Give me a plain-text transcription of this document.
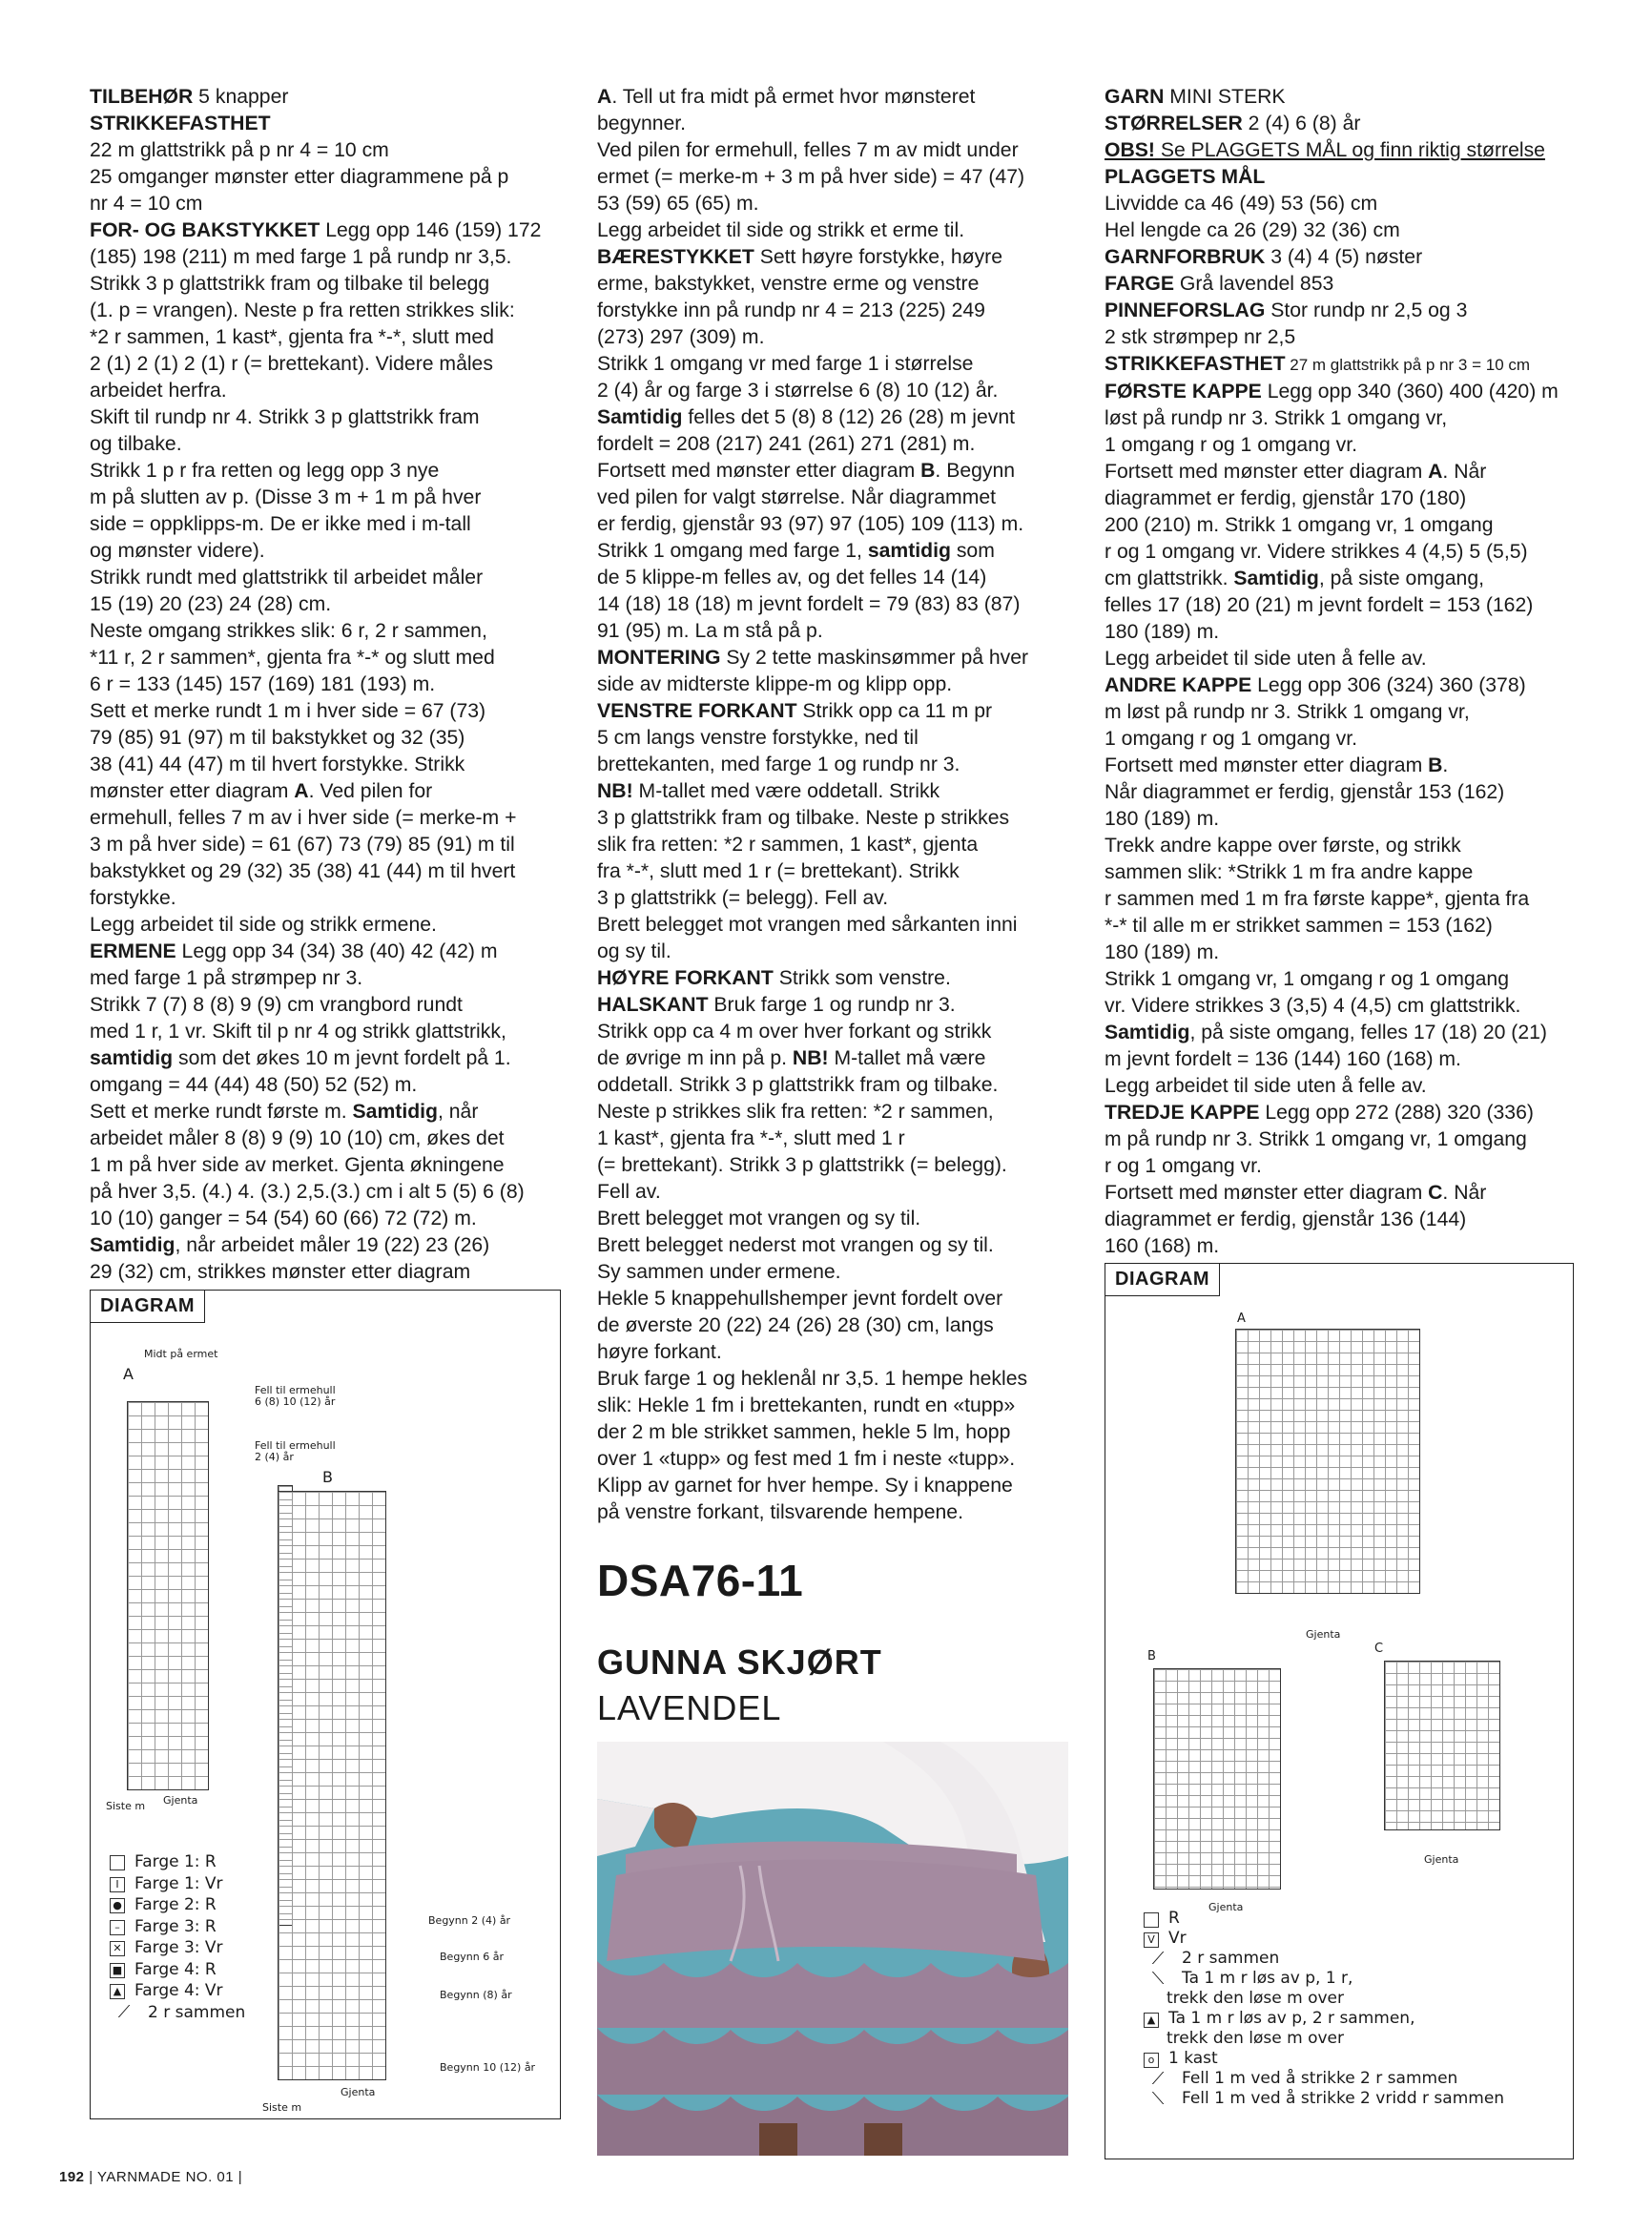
TILBEHØR 5 knapper

STRIKKEFASTHET

22 m glattstrikk på p nr 4 = 10 cm

25 omganger mønster etter diagrammene på p

nr 4 = 10 cm

FOR- OG BAKSTYKKET Legg opp 146 (159) 172

(185) 198 (211) m med farge 1 på rundp nr 3,5.

Strikk 3 p glattstrikk fram og tilbake til belegg

(1. p = vrangen). Neste p fra retten strikkes slik:

*2 r sammen, 1 kast*, gjenta fra *-*, slutt med

2 (1) 2 (1) 2 (1) r (= brettekant). Videre måles

arbeidet herfra.

Skift til rundp nr 4. Strikk 3 p glattstrikk fram

og tilbake.

Strikk 1 p r fra retten og legg opp 3 nye

m på slutten av p. (Disse 3 m + 1 m på hver

side = oppklipps-m. De er ikke med i m-tall

og mønster videre).

Strikk rundt med glattstrikk til arbeidet måler

15 (19) 20 (23) 24 (28) cm.

Neste omgang strikkes slik: 6 r, 2 r sammen,

*11 r, 2 r sammen*, gjenta fra *-* og slutt med

6 r = 133 (145) 157 (169) 181 (193) m.

Sett et merke rundt 1 m i hver side = 67 (73)

79 (85) 91 (97) m til bakstykket og 32 (35)

38 (41) 44 (47) m til hvert forstykke. Strikk

mønster etter diagram A. Ved pilen for

ermehull, felles 7 m av i hver side (= merke-m +

3 m på hver side) = 61 (67) 73 (79) 85 (91) m til

bakstykket og 29 (32) 35 (38) 41 (44) m til hvert

forstykke.

Legg arbeidet til side og strikk ermene.

ERMENE Legg opp 34 (34) 38 (40) 42 (42) m

med farge 1 på strømpep nr 3.

Strikk 7 (7) 8 (8) 9 (9) cm vrangbord rundt

med 1 r, 1 vr. Skift til p nr 4 og strikk glattstrikk,

samtidig som det økes 10 m jevnt fordelt på 1.

omgang = 44 (44) 48 (50) 52 (52) m.

Sett et merke rundt første m. Samtidig, når

arbeidet måler 8 (8) 9 (9) 10 (10) cm, økes det

1 m på hver side av merket. Gjenta økningene

på hver 3,5. (4.) 4. (3.) 2,5.(3.) cm i alt 5 (5) 6 (8)

10 (10) ganger = 54 (54) 60 (66) 72 (72) m.

Samtidig, når arbeidet måler 19 (22) 23 (26)

29 (32) cm, strikkes mønster etter diagram

A. Tell ut fra midt på ermet hvor mønsteret

begynner.

Ved pilen for ermehull, felles 7 m av midt under

ermet (= merke-m + 3 m på hver side) = 47 (47)

53 (59) 65 (65) m.

Legg arbeidet til side og strikk et erme til.

BÆRESTYKKET Sett høyre forstykke, høyre

erme, bakstykket, venstre erme og venstre

forstykke inn på rundp nr 4 = 213 (225) 249

(273) 297 (309) m.

Strikk 1 omgang vr med farge 1 i størrelse

2 (4) år og farge 3 i størrelse 6 (8) 10 (12) år.

Samtidig felles det 5 (8) 8 (12) 26 (28) m jevnt

fordelt = 208 (217) 241 (261) 271 (281) m.

Fortsett med mønster etter diagram B. Begynn

ved pilen for valgt størrelse. Når diagrammet

er ferdig, gjenstår 93 (97) 97 (105) 109 (113) m.

Strikk 1 omgang med farge 1, samtidig som

de 5 klippe-m felles av, og det felles 14 (14)

14 (18) 18 (18) m jevnt fordelt = 79 (83) 83 (87)

91 (95) m. La m stå på p.

MONTERING Sy 2 tette maskinsømmer på hver

side av midterste klippe-m og klipp opp.

VENSTRE FORKANT Strikk opp ca 11 m pr

5 cm langs venstre forstykke, ned til

brettekanten, med farge 1 og rundp nr 3.

NB! M-tallet med være oddetall. Strikk

3 p glattstrikk fram og tilbake. Neste p strikkes

slik fra retten: *2 r sammen, 1 kast*, gjenta

fra *-*, slutt med 1 r (= brettekant). Strikk

3 p glattstrikk (= belegg). Fell av.

Brett belegget mot vrangen med sårkanten inni

og sy til.

HØYRE FORKANT Strikk som venstre.

HALSKANT Bruk farge 1 og rundp nr 3.

Strikk opp ca 4 m over hver forkant og strikk

de øvrige m inn på p. NB! M-tallet må være

oddetall. Strikk 3 p glattstrikk fram og tilbake.

Neste p strikkes slik fra retten: *2 r sammen,

1 kast*, gjenta fra *-*, slutt med 1 r

(= brettekant). Strikk 3 p glattstrikk (= belegg).

Fell av.

Brett belegget mot vrangen og sy til.

Brett belegget nederst mot vrangen og sy til.

Sy sammen under ermene.

Hekle 5 knappehullshemper jevnt fordelt over

de øverste 20 (22) 24 (26) 28 (30) cm, langs

høyre forkant.

Bruk farge 1 og heklenål nr 3,5. 1 hempe hekles

slik: Hekle 1 fm i brettekanten, rundt en «tupp»

der 2 m ble strikket sammen, hekle 5 lm, hopp

over 1 «tupp» og fest med 1 fm i neste «tupp».

Klipp av garnet for hver hempe. Sy i knappene

på venstre forkant, tilsvarende hempene.

GARN MINI STERK

STØRRELSER 2 (4) 6 (8) år

OBS! Se PLAGGETS MÅL og finn riktig størrelse

PLAGGETS MÅL

Livvidde ca 46 (49) 53 (56) cm

Hel lengde ca 26 (29) 32 (36) cm

GARNFORBRUK 3 (4) 4 (5) nøster

FARGE Grå lavendel 853

PINNEFORSLAG Stor rundp nr 2,5 og 3

2 stk strømpep nr 2,5

STRIKKEFASTHET 27 m glattstrikk på p nr 3 = 10 cm

FØRSTE KAPPE Legg opp 340 (360) 400 (420) m

løst på rundp nr 3. Strikk 1 omgang vr,

1 omgang r og 1 omgang vr.

Fortsett med mønster etter diagram A. Når

diagrammet er ferdig, gjenstår 170 (180)

200 (210) m. Strikk 1 omgang vr, 1 omgang

r og 1 omgang vr. Videre strikkes 4 (4,5) 5 (5,5)

cm glattstrikk. Samtidig, på siste omgang,

felles 17 (18) 20 (21) m jevnt fordelt = 153 (162)

180 (189) m.

Legg arbeidet til side uten å felle av.

ANDRE KAPPE Legg opp 306 (324) 360 (378)

m løst på rundp nr 3. Strikk 1 omgang vr,

1 omgang r og 1 omgang vr.

Fortsett med mønster etter diagram B.

Når diagrammet er ferdig, gjenstår 153 (162)

180 (189) m.

Trekk andre kappe over første, og strikk

sammen slik: *Strikk 1 m fra andre kappe

r sammen med 1 m fra første kappe*, gjenta fra

*-* til alle m er strikket sammen = 153 (162)

180 (189) m.

Strikk 1 omgang vr, 1 omgang r og 1 omgang

vr. Videre strikkes 3 (3,5) 4 (4,5) cm glattstrikk.

Samtidig, på siste omgang, felles 17 (18) 20 (21)

m jevnt fordelt = 136 (144) 160 (168) m.

Legg arbeidet til side uten å felle av.

TREDJE KAPPE Legg opp 272 (288) 320 (336)

m på rundp nr 3. Strikk 1 omgang vr, 1 omgang

r og 1 omgang vr.

Fortsett med mønster etter diagram C. Når

diagrammet er ferdig, gjenstår 136 (144)

160 (168) m.

DIAGRAM
Midt på ermet
A
Fell til ermehull
6 (8) 10 (12) år
Fell til ermehull
2 (4) år
B
Siste m Gjenta
Begynn 2 (4) år
Begynn 6 år
Begynn (8) år
Begynn 10 (12) år
Siste m
Gjenta
Farge 1: R
I Farge 1: Vr
● Farge 2: R
– Farge 3: R
✕ Farge 3: Vr
■ Farge 4: R
▲ Farge 4: Vr
⟋	2 r sammen
DSA76-11
GUNNA SKJØRT
LAVENDEL
DIAGRAM
A
Gjenta
B
Gjenta
C
Gjenta
R
V Vr
⟋	2 r sammen
⟍	Ta 1 m r løs av p, 1 r,
trekk den løse m over
▲ Ta 1 m r løs av p, 2 r sammen,
trekk den løse m over
o 1 kast
⟋	Fell 1 m ved å strikke 2 r sammen
⟍	Fell 1 m ved å strikke 2 vridd r sammen
192 | YARNMADE NO. 01 |
